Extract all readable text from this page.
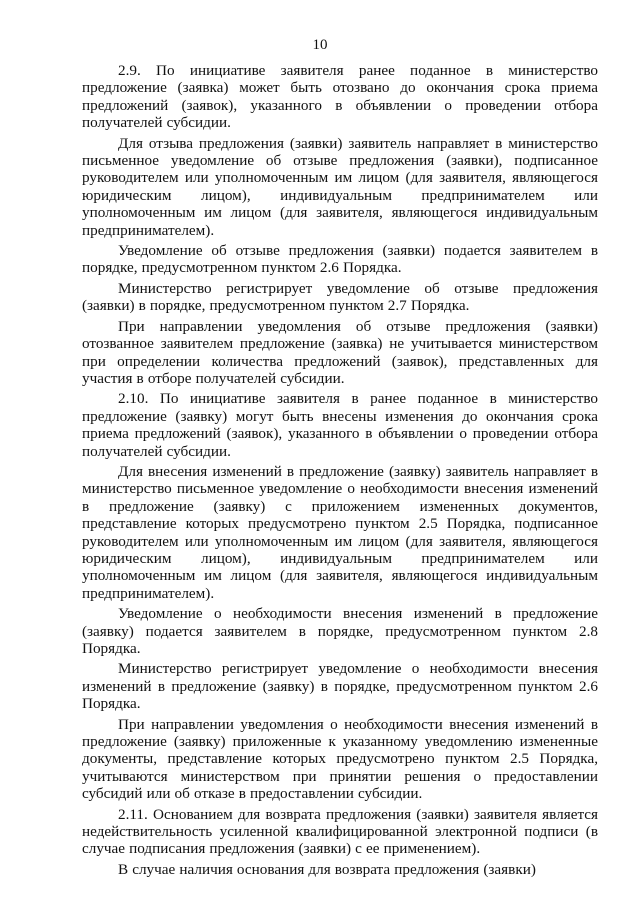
10

2.9. По инициативе заявителя ранее поданное в министерство предложение (заявка) может быть отозвано до окончания срока приема предложений (заявок), указанного в объявлении о проведении отбора получателей субсидии.

Для отзыва предложения (заявки) заявитель направляет в министерство письменное уведомление об отзыве предложения (заявки), подписанное руководителем или уполномоченным им лицом (для заявителя, являющегося юридическим лицом), индивидуальным предпринимателем или уполномоченным им лицом (для заявителя, являющегося индивидуальным предпринимателем).

Уведомление об отзыве предложения (заявки) подается заявителем в порядке, предусмотренном пунктом 2.6 Порядка.

Министерство регистрирует уведомление об отзыве предложения (заявки) в порядке, предусмотренном пунктом 2.7 Порядка.

При направлении уведомления об отзыве предложения (заявки) отозванное заявителем предложение (заявка) не учитывается министерством при определении количества предложений (заявок), представленных для участия в отборе получателей субсидии.

2.10. По инициативе заявителя в ранее поданное в министерство предложение (заявку) могут быть внесены изменения до окончания срока приема предложений (заявок), указанного в объявлении о проведении отбора получателей субсидии.

Для внесения изменений в предложение (заявку) заявитель направляет в министерство письменное уведомление о необходимости внесения изменений в предложение (заявку) с приложением измененных документов, представление которых предусмотрено пунктом 2.5 Порядка, подписанное руководителем или уполномоченным им лицом (для заявителя, являющегося юридическим лицом), индивидуальным предпринимателем или уполномоченным им лицом (для заявителя, являющегося индивидуальным предпринимателем).

Уведомление о необходимости внесения изменений в предложение (заявку) подается заявителем в порядке, предусмотренном пунктом 2.8 Порядка.

Министерство регистрирует уведомление о необходимости внесения изменений в предложение (заявку) в порядке, предусмотренном пунктом 2.6 Порядка.

При направлении уведомления о необходимости внесения изменений в предложение (заявку) приложенные к указанному уведомлению измененные документы, представление которых предусмотрено пунктом 2.5 Порядка, учитываются министерством при принятии решения о предоставлении субсидий или об отказе в предоставлении субсидии.

2.11. Основанием для возврата предложения (заявки) заявителя является недействительность усиленной квалифицированной электронной подписи (в случае подписания предложения (заявки) с ее применением).

В случае наличия основания для возврата предложения (заявки)
